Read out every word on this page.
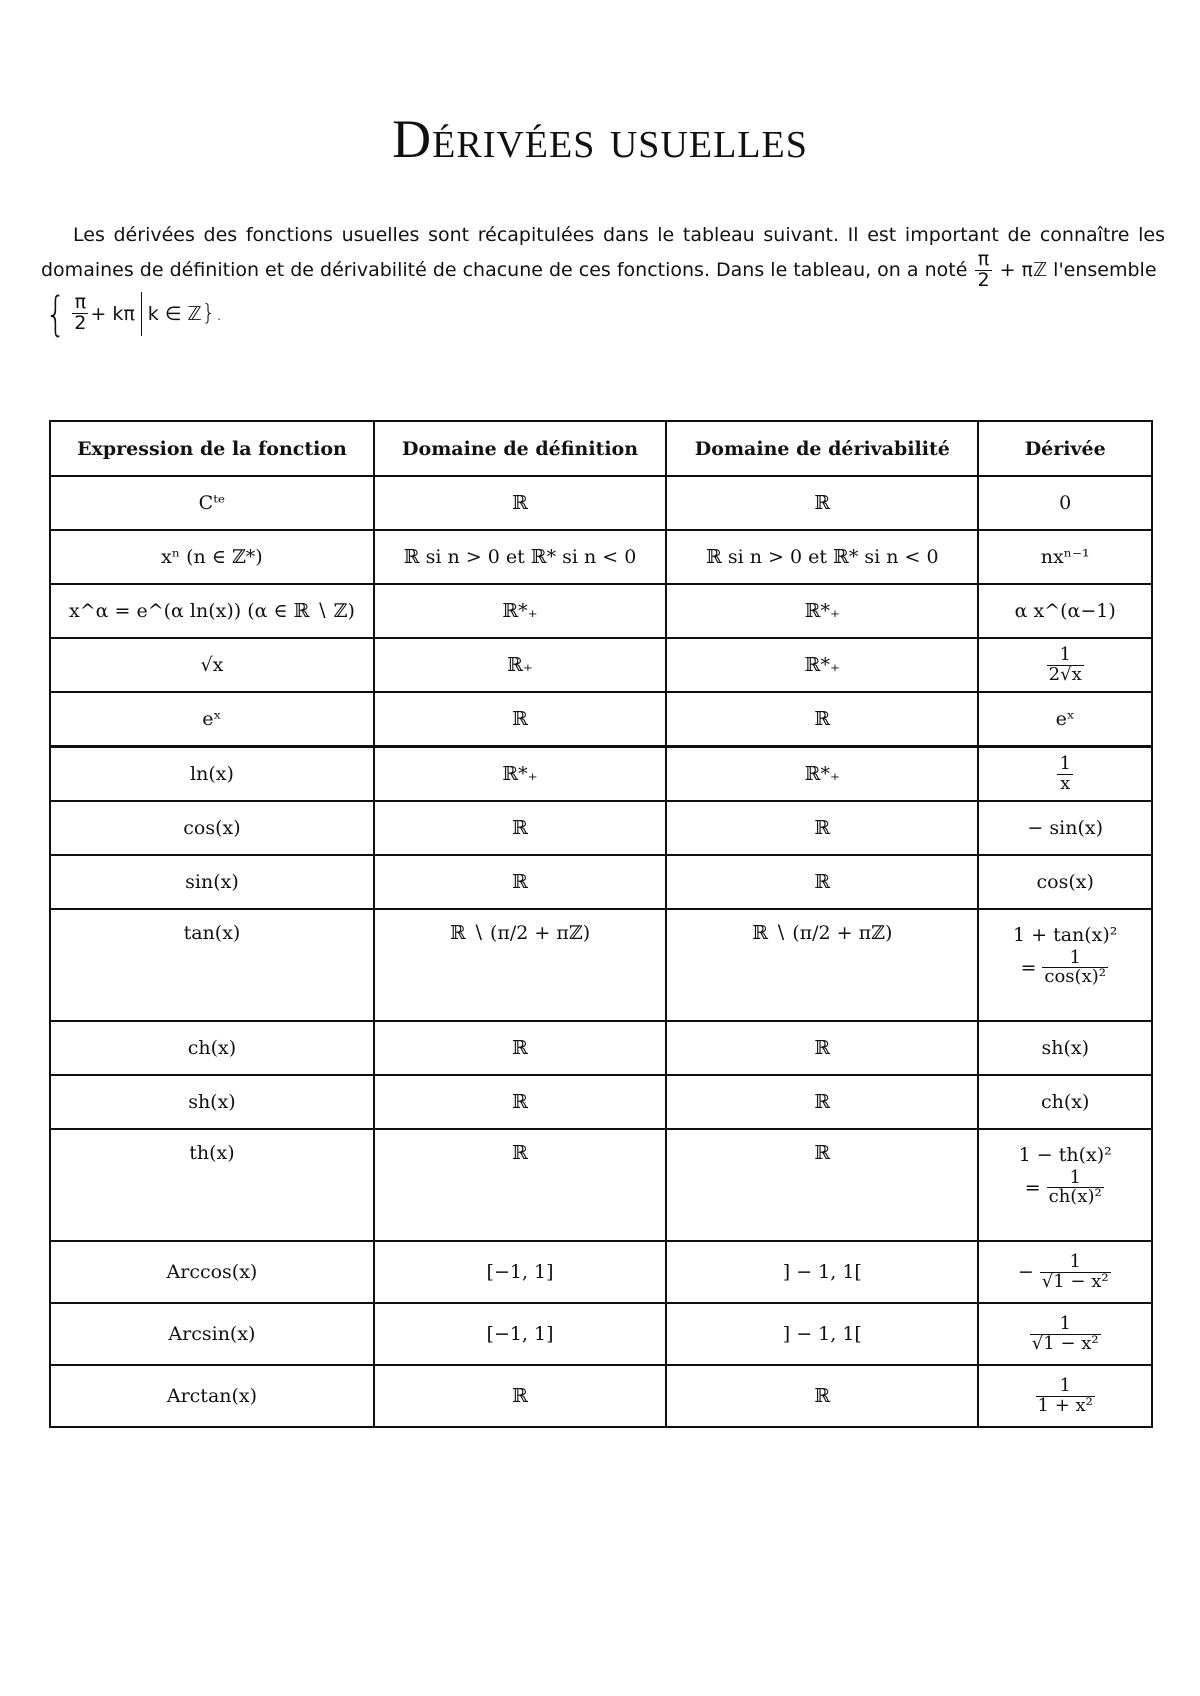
Dérivées usuelles

Les dérivées des fonctions usuelles sont récapitulées dans le tableau suivant. Il est important de connaître les domaines de définition et de dérivabilité de chacune de ces fonctions. Dans le tableau, on a noté $\frac{\pi}{2}$ + πℤ l'ensemble

{ $\frac{\pi}{2} + k\pi$ k ∈ ℤ }.

Expression de la fonction	Domaine de définition	Domaine de dérivabilité	Dérivée
Cᵗᵉ	ℝ	ℝ	0
xⁿ (n ∈ ℤ*)	ℝ si n > 0 et ℝ* si n < 0	ℝ si n > 0 et ℝ* si n < 0	nxⁿ⁻¹
x^α = e^(α ln(x)) (α ∈ ℝ ∖ ℤ)	ℝ*₊	ℝ*₊	α x^(α−1)
√x	ℝ₊	ℝ*₊	$\frac{1}{2√x}$

eˣ	ℝ	ℝ	eˣ
ln(x)	ℝ*₊	ℝ*₊	$\frac{1}{x}$

cos(x)	ℝ	ℝ	− sin(x)
sin(x)	ℝ	ℝ	cos(x)
tan(x)	ℝ ∖ (π/2 + πℤ)	ℝ ∖ (π/2 + πℤ)	1 + tan(x)²
= $\frac{1}{\text{cos(x)²}}$

ch(x)	ℝ	ℝ	sh(x)
sh(x)	ℝ	ℝ	ch(x)
th(x)	ℝ	ℝ	1 − th(x)²
= $\frac{1}{\text{ch(x)²}}$

Arccos(x)	[−1, 1]	] − 1, 1[	− $\frac{1}{\text{√1 − x²}}$

Arcsin(x)	[−1, 1]	] − 1, 1[	$\frac{1}{\text{√1 − x²}}$

Arctan(x)	ℝ	ℝ	$\frac{1}{\text{1 + x²}}$
